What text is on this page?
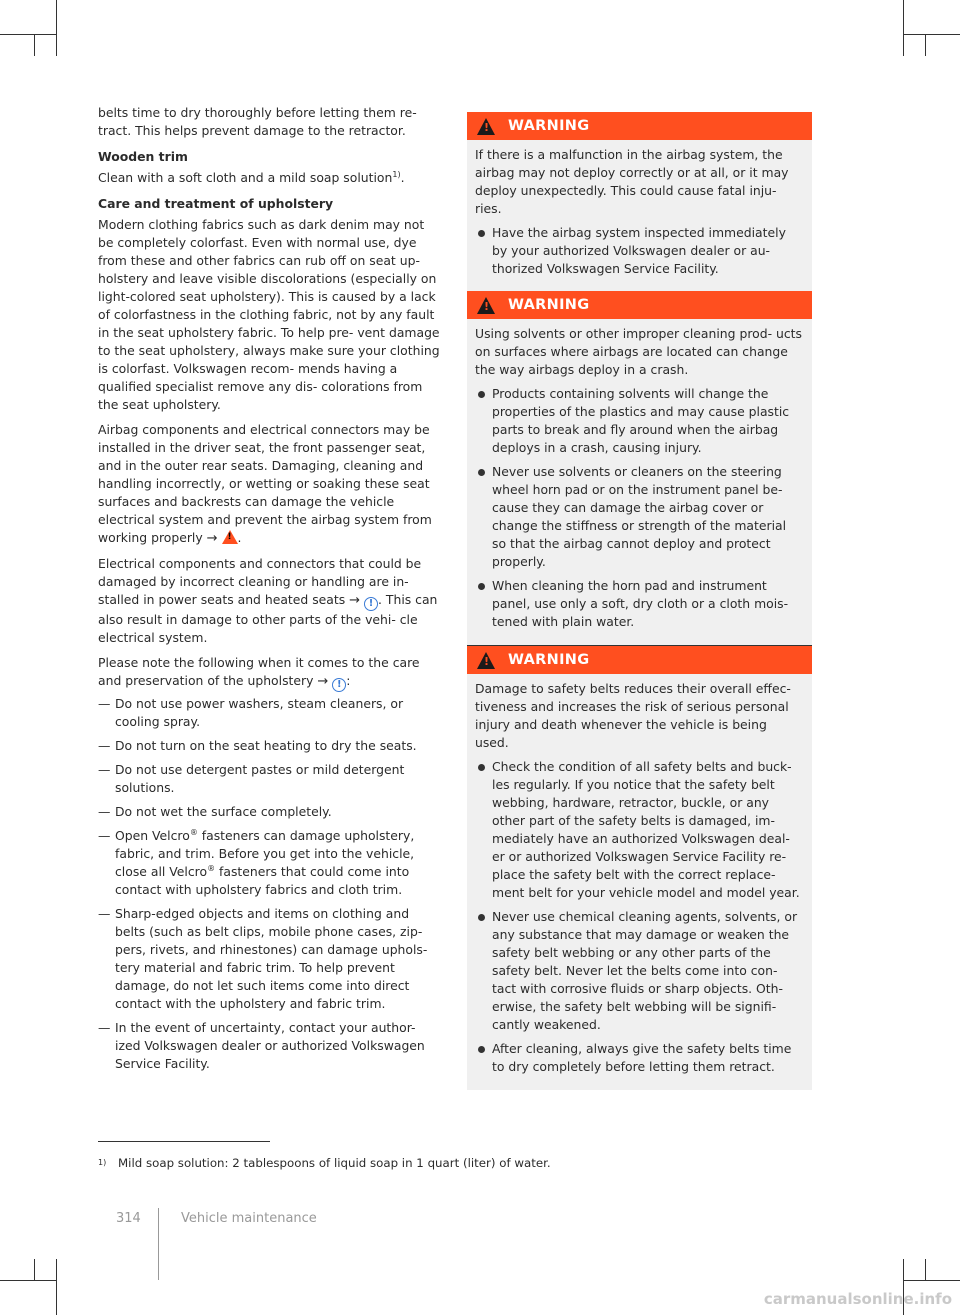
belts time to dry thoroughly before letting them re- tract. This helps prevent damage to the retractor.

Wooden trim

Clean with a soft cloth and a mild soap solution$^{1)}$.

Care and treatment of upholstery

Modern clothing fabrics such as dark denim may not be completely colorfast. Even with normal use, dye from these and other fabrics can rub off on seat up- holstery and leave visible discolorations (especially on light-colored seat upholstery). This is caused by a lack of colorfastness in the clothing fabric, not by any fault in the seat upholstery fabric. To help pre- vent damage to the seat upholstery, always make sure your clothing is colorfast. Volkswagen recom- mends having a qualified specialist remove any dis- colorations from the seat upholstery.

Airbag components and electrical connectors may be installed in the driver seat, the front passenger seat, and in the outer rear seats. Damaging, cleaning and handling incorrectly, or wetting or soaking these seat surfaces and backrests can damage the vehicle electrical system and prevent the airbag system from working properly → ! .

Electrical components and connectors that could be damaged by incorrect cleaning or handling are in- stalled in power seats and heated seats → ! . This can also result in damage to other parts of the vehi- cle electrical system.

Please note the following when it comes to the care and preservation of the upholstery → ! :

— Do not use power washers, steam cleaners, or cooling spray.
— Do not turn on the seat heating to dry the seats.
— Do not use detergent pastes or mild detergent solutions.
— Do not wet the surface completely.
— Open Velcro® fasteners can damage upholstery, fabric, and trim. Before you get into the vehicle, close all Velcro® fasteners that could come into contact with upholstery fabrics and cloth trim.
— Sharp-edged objects and items on clothing and belts (such as belt clips, mobile phone cases, zip- pers, rivets, and rhinestones) can damage uphols- tery material and fabric trim. To help prevent damage, do not let such items come into direct contact with the upholstery and fabric trim.
— In the event of uncertainty, contact your author- ized Volkswagen dealer or authorized Volkswagen Service Facility.
!
WARNING

If there is a malfunction in the airbag system, the airbag may not deploy correctly or at all, or it may deploy unexpectedly. This could cause fatal inju- ries.

Have the airbag system inspected immediately by your authorized Volkswagen dealer or au- thorized Volkswagen Service Facility.
!
WARNING

Using solvents or other improper cleaning prod- ucts on surfaces where airbags are located can change the way airbags deploy in a crash.

Products containing solvents will change the properties of the plastics and may cause plastic parts to break and fly around when the airbag deploys in a crash, causing injury.
Never use solvents or cleaners on the steering wheel horn pad or on the instrument panel be- cause they can damage the airbag cover or change the stiffness or strength of the material so that the airbag cannot deploy and protect properly.
When cleaning the horn pad and instrument panel, use only a soft, dry cloth or a cloth mois- tened with plain water.
!
WARNING

Damage to safety belts reduces their overall effec- tiveness and increases the risk of serious personal injury and death whenever the vehicle is being used.

Check the condition of all safety belts and buck- les regularly. If you notice that the safety belt webbing, hardware, retractor, buckle, or any other part of the safety belts is damaged, im- mediately have an authorized Volkswagen deal- er or authorized Volkswagen Service Facility re- place the safety belt with the correct replace- ment belt for your vehicle model and model year.
Never use chemical cleaning agents, solvents, or any substance that may damage or weaken the safety belt webbing or any other parts of the safety belt. Never let the belts come into con- tact with corrosive fluids or sharp objects. Oth- erwise, the safety belt webbing will be signifi- cantly weakened.
After cleaning, always give the safety belts time to dry completely before letting them retract.
1) Mild soap solution: 2 tablespoons of liquid soap in 1 quart (liter) of water.
314	Vehicle maintenance
carmanualsonline.info
